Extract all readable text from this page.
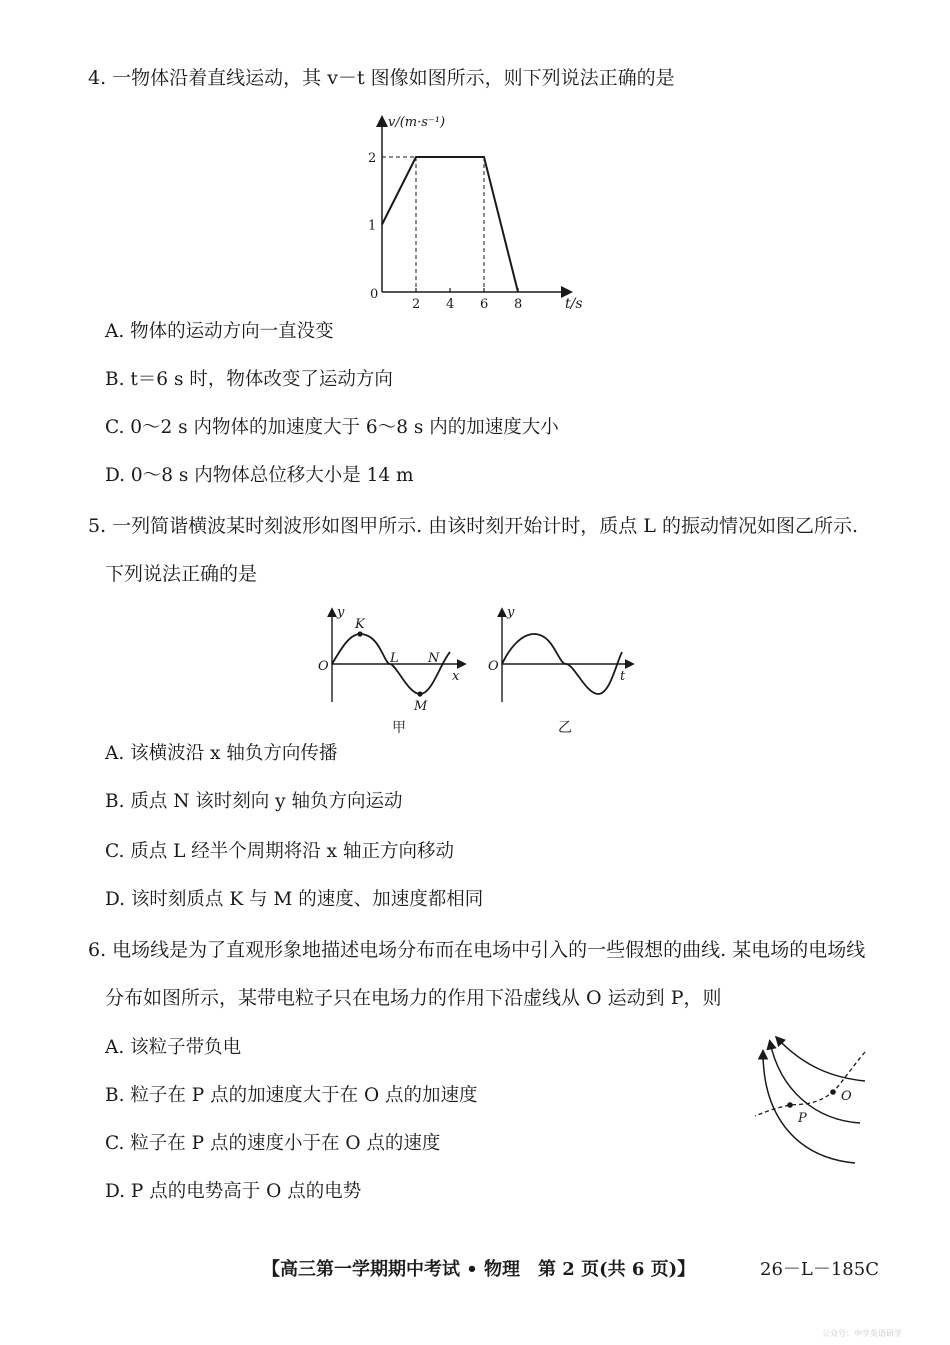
4. 一物体沿着直线运动，其 v－t 图像如图所示，则下列说法正确的是
2 4 6 8
1
2
v/(m·s⁻¹)
t/s
0
A. 物体的运动方向一直没变
B. t＝6 s 时，物体改变了运动方向
C. 0～2 s 内物体的加速度大于 6～8 s 内的加速度大小
D. 0～8 s 内物体总位移大小是 14 m
5. 一列简谐横波某时刻波形如图甲所示. 由该时刻开始计时，质点 L 的振动情况如图乙所示.
下列说法正确的是
y
x
O
K
L
M
N
甲
y
t
O
乙
A. 该横波沿 x 轴负方向传播
B. 质点 N 该时刻向 y 轴负方向运动
C. 质点 L 经半个周期将沿 x 轴正方向移动
D. 该时刻质点 K 与 M 的速度、加速度都相同
6. 电场线是为了直观形象地描述电场分布而在电场中引入的一些假想的曲线. 某电场的电场线
分布如图所示，某带电粒子只在电场力的作用下沿虚线从 O 运动到 P，则
A. 该粒子带负电
B. 粒子在 P 点的加速度大于在 O 点的加速度
C. 粒子在 P 点的速度小于在 O 点的速度
D. P 点的电势高于 O 点的电势
O
P
【高三第一学期期中考试 • 物理　第 2 页(共 6 页)】	26－L－185C
公众号：中学英语研学
